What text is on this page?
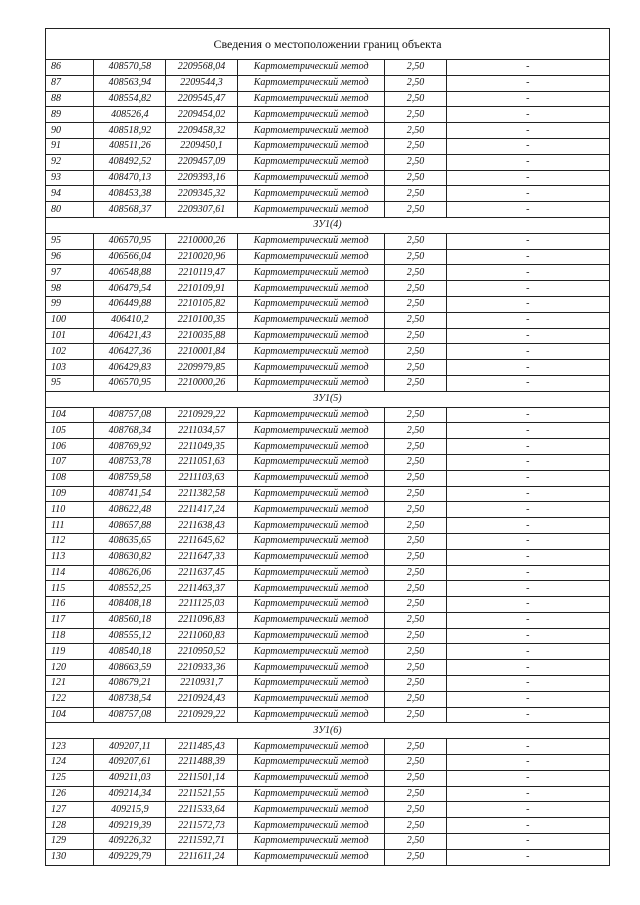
Сведения о местоположении границ объекта					
86	408570,58	2209568,04	Картометрический метод	2,50	-
87	408563,94	2209544,3	Картометрический метод	2,50	-
88	408554,82	2209545,47	Картометрический метод	2,50	-
89	408526,4	2209454,02	Картометрический метод	2,50	-
90	408518,92	2209458,32	Картометрический метод	2,50	-
91	408511,26	2209450,1	Картометрический метод	2,50	-
92	408492,52	2209457,09	Картометрический метод	2,50	-
93	408470,13	2209393,16	Картометрический метод	2,50	-
94	408453,38	2209345,32	Картометрический метод	2,50	-
80	408568,37	2209307,61	Картометрический метод	2,50	-
ЗУ1(4)					
95	406570,95	2210000,26	Картометрический метод	2,50	-
96	406566,04	2210020,96	Картометрический метод	2,50	-
97	406548,88	2210119,47	Картометрический метод	2,50	-
98	406479,54	2210109,91	Картометрический метод	2,50	-
99	406449,88	2210105,82	Картометрический метод	2,50	-
100	406410,2	2210100,35	Картометрический метод	2,50	-
101	406421,43	2210035,88	Картометрический метод	2,50	-
102	406427,36	2210001,84	Картометрический метод	2,50	-
103	406429,83	2209979,85	Картометрический метод	2,50	-
95	406570,95	2210000,26	Картометрический метод	2,50	-
ЗУ1(5)					
104	408757,08	2210929,22	Картометрический метод	2,50	-
105	408768,34	2211034,57	Картометрический метод	2,50	-
106	408769,92	2211049,35	Картометрический метод	2,50	-
107	408753,78	2211051,63	Картометрический метод	2,50	-
108	408759,58	2211103,63	Картометрический метод	2,50	-
109	408741,54	2211382,58	Картометрический метод	2,50	-
110	408622,48	2211417,24	Картометрический метод	2,50	-
111	408657,88	2211638,43	Картометрический метод	2,50	-
112	408635,65	2211645,62	Картометрический метод	2,50	-
113	408630,82	2211647,33	Картометрический метод	2,50	-
114	408626,06	2211637,45	Картометрический метод	2,50	-
115	408552,25	2211463,37	Картометрический метод	2,50	-
116	408408,18	2211125,03	Картометрический метод	2,50	-
117	408560,18	2211096,83	Картометрический метод	2,50	-
118	408555,12	2211060,83	Картометрический метод	2,50	-
119	408540,18	2210950,52	Картометрический метод	2,50	-
120	408663,59	2210933,36	Картометрический метод	2,50	-
121	408679,21	2210931,7	Картометрический метод	2,50	-
122	408738,54	2210924,43	Картометрический метод	2,50	-
104	408757,08	2210929,22	Картометрический метод	2,50	-
ЗУ1(6)					
123	409207,11	2211485,43	Картометрический метод	2,50	-
124	409207,61	2211488,39	Картометрический метод	2,50	-
125	409211,03	2211501,14	Картометрический метод	2,50	-
126	409214,34	2211521,55	Картометрический метод	2,50	-
127	409215,9	2211533,64	Картометрический метод	2,50	-
128	409219,39	2211572,73	Картометрический метод	2,50	-
129	409226,32	2211592,71	Картометрический метод	2,50	-
130	409229,79	2211611,24	Картометрический метод	2,50	-
